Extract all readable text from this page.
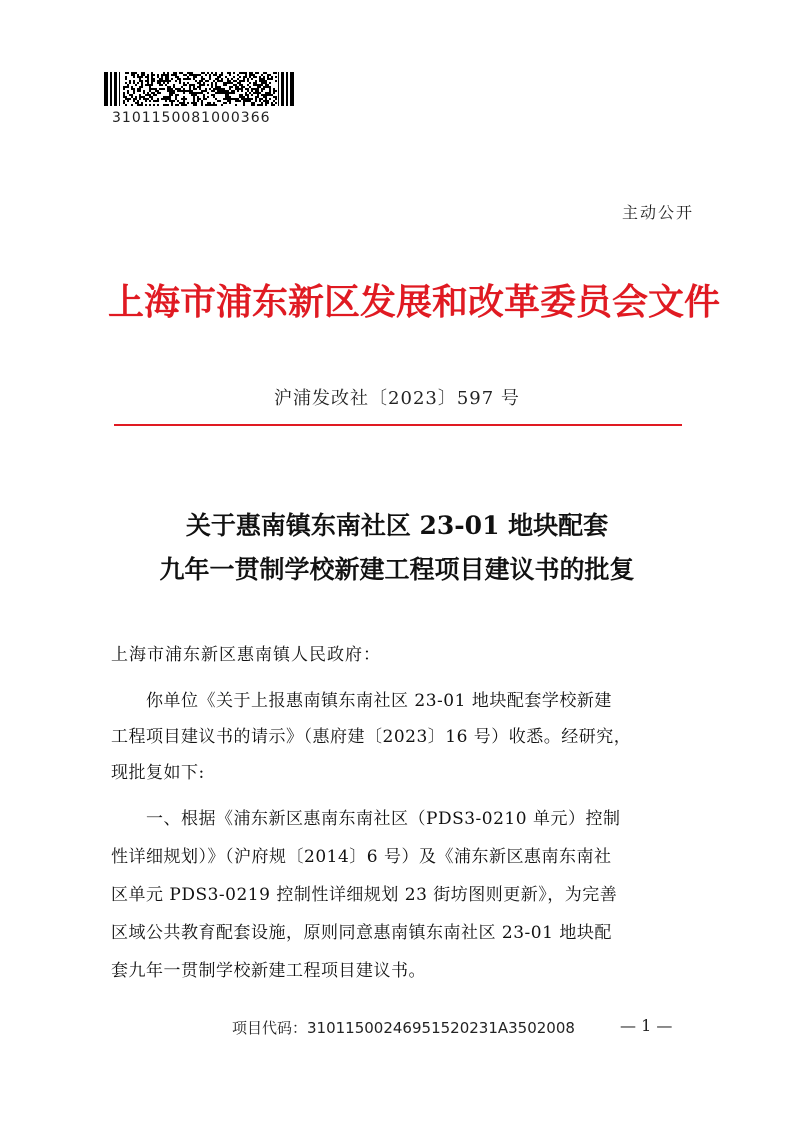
3101150081000366
主动公开
上海市浦东新区发展和改革委员会文件
沪浦发改社〔2023〕597 号
关于惠南镇东南社区 23-01 地块配套
九年一贯制学校新建工程项目建议书的批复
上海市浦东新区惠南镇人民政府：
　　你单位《关于上报惠南镇东南社区 23-01 地块配套学校新建
工程项目建议书的请示》（惠府建〔2023〕16 号）收悉。经研究，
现批复如下:
　　一、根据《浦东新区惠南东南社区（PDS3-0210 单元）控制
性详细规划）》（沪府规〔2014〕6 号）及《浦东新区惠南东南社
区单元 PDS3-0219 控制性详细规划 23 街坊图则更新》，为完善
区域公共教育配套设施，原则同意惠南镇东南社区 23-01 地块配
套九年一贯制学校新建工程项目建议书。
项目代码：31011500246951520231A3502008	— 1 —
